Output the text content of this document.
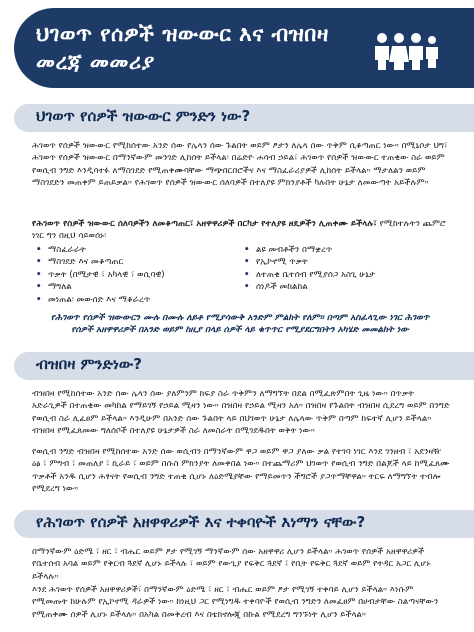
ህገወጥ የሰዎች ዝውውር እና ብዝበዛ
መረጃ መመሪያ
ህገወጥ የሰዎች ዝውውር ምንድን ነው?
ሕገወጥ የሰዎች ዝውውር የሚከሰተው አንድ ሰው የሌላን ሰው ጉልበት ወይም ፆታን ለሌላ ሰው ጥቅም ሲቆጣጠር ነው። በሚኒሶታ ህግ፣ ሕገወጥ የሰዎች ዝውውር በማንኛውም መንገድ ሊከሰት ይችላል፡ በሬድዮ ሐሳብ ኃይል፣ ሕገወጥ የሰዎች ዝውውር ተጠቂው ስራ ወይም የወሲብ ንግድ እንዲሳተፉ ለማስገደድ የሚጠቀሙባቸው ማጭበርበሮችና እና ማስፈራሪያዎች ሊከሰት ይችላል። ማታለልን ወይም ማስገደድን መጠቀም ይጠይቃል። የሕገወጥ የሰዎች ዝውውር ሰለባዎች በተለያዩ ምክንያቶች ካሉበት ሁኔታ ለመውጣት አይችሉም።
የሕገወጥ የሰዎች ዝውውር ሰለባዎችን ለመቆጣጠር፣ አዘዋዋሪዎች በርካታ የተለያዩ ዘዴዎችን ሊጠቀሙ ይችላሉ፣ የሚከተሉትን ጨምሮ ነገር ግን በዚህ ሳይወሰኑ፡
• ማስፈራራት
• ማስገደድ እና መቆጣጠር
• ጥቃት (በሚታዊ ፣ አካላዊ ፣ ወሲባዊ)
• ማግለል
• መነጠል፡ መውሰድ እና ማቆራረጥ
• ልዩ መብቶችን በማቋረጥ
• የኢኮኖሚ ጥቃት
• ለተጠቂ ቤተሰብ የሚያሰጋ አስጊ ሁኔታ
• ሰነዶች መከልከል
የሕገወጥ የሰዎች ዝውውርን ሙሉ በሙሉ ለይቶ የሚያሳውቅ አንድም ምልክት የለም። በጣም አስፈላጊው ነገር ሕገወጥ የሰዎች አዘዋዋሪዎች በአንድ ወይም ከዚያ በላይ ሰዎች ላይ ቁጥጥር የሚያደርግበትን አካሄድ መመልከት ነው
ብዝበዛ ምንድነው?
ብዝበዛ የሚከሰተው አንድ ሰው ሌላን ሰው ያለምንም ክፍያ ስራ ጥቅምን ለማግኘት በደል በሚፈጽምበት ጊዜ ነው። በጥቃት አድራጊዎች በተጠቂው መካከል የማይገኝ የኃይል ሚዛን ነው። በዝበዛ የኃይል ሚዛን አለ። በዝበዛ የጉልበት ብዝበዛ ሲደረግ ወይም በንግድ የወሲብ ስራ ሊፈፀም ይችላል። እንዲሁም በአንድ ሰው ጉልበት ላይ በህገወጥ ሁኔታ ለሌላው ጥቅም በጣም ከፍተኛ ሊሆን ይችላል። ብዝበዛ የሚፈጸመው ግለሰቦች በተለያዩ ሁኔታዎች ስራ ለመስራት በሚገደዱበት ወቅት ነው።
የወሲብ ንግድ ብዝበዛ የሚከሰተው አንድ ሰው ወሲብን በማንኛውም ዋጋ ወይም ዋጋ ያለው ቃል የተገባ ነገር እንደ ገንዘብ ፣ አደንዛዥ ዕፅ ፣ ምግብ ፣ መጠለያ ፣ ኪራይ ፣ ወይም በሱስ ምክንያት ለመቀበል ነው። በተጨማሪም ህገወጥ የወሲብ ንግድ በልጆች ላይ ከሚፈጸሙ ጥቃቶች አንዱ ሲሆን ሕፃናት የወሲብ ንግድ ተጠቂ ሲሆኑ ለዕድሜያቸው የማይመጥን ችግሮች ያጋጥማቸዋል። ትርፍ ለማግኘት ተብሎ የሚደረግ ነው።
የሕገወጥ የሰዎች አዘዋዋሪዎች እና ተቀባዮች እነማን ናቸው?
በማንኛውም ዕድሜ ፣ ዘር ፣ ብሔር ወይም ፆታ የሚገኝ ማንኛውም ሰው አዘዋዋሪ ሊሆን ይችላል። ሕገወጥ የሰዎች አዘዋዋሪዎች የቤተሰብ አባል ወይም የቅርብ ጓደኛ ሊሆኑ ይችላሉ ፣ ወይም የውጊያ የፍቅር ጓደኛ ፣ የቢት የፍቅር ጓደኛ ወይም የትዳር አጋር ሊሆኑ ይችላሉ።
እንደ ሕገወጥ የሰዎች አዘዋዋሪዎች፣ በማንኛውም ዕድሜ ፣ ዘር ፣ ብሔር ወይም ፆታ የሚገኝ ተቀባይ ሊሆን ይችላል። እነሱም የሚመጡት ከሁሉም የኢኮኖሚ ዳራዎች ነው። ከነዚህ ጋር የሚነግዱ ተቀባዮች የወሲብ ንግድን ለመፈፀም በሀብታቸው ስልጣናቸውን የሚጠቀሙ ሰዎች ሊሆኑ ይችላሉ። በአካል በመቅረብ እና በቴክኖሎጂ በኩል የሚደረግ ግንኙነት ሊሆን ይችላል።
